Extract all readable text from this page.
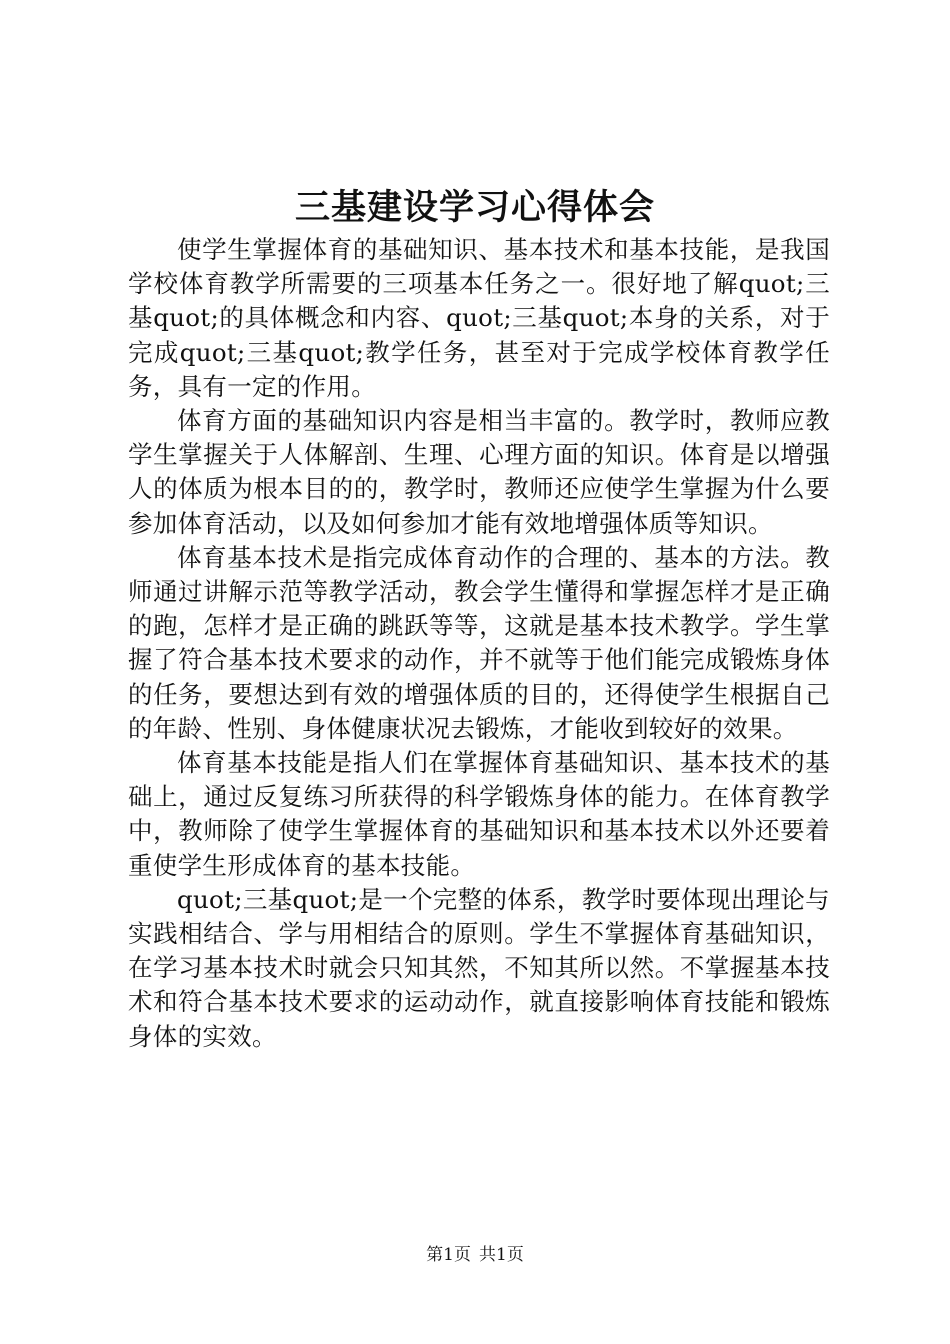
三基建设学习心得体会

使学生掌握体育的基础知识、基本技术和基本技能，是我国学校体育教学所需要的三项基本任务之一。很好地了解quot;三基quot;的具体概念和内容、quot;三基quot;本身的关系，对于完成quot;三基quot;教学任务，甚至对于完成学校体育教学任务，具有一定的作用。

体育方面的基础知识内容是相当丰富的。教学时，教师应教学生掌握关于人体解剖、生理、心理方面的知识。体育是以增强人的体质为根本目的的，教学时，教师还应使学生掌握为什么要参加体育活动，以及如何参加才能有效地增强体质等知识。

体育基本技术是指完成体育动作的合理的、基本的方法。教师通过讲解示范等教学活动，教会学生懂得和掌握怎样才是正确的跑，怎样才是正确的跳跃等等，这就是基本技术教学。学生掌握了符合基本技术要求的动作，并不就等于他们能完成锻炼身体的任务，要想达到有效的增强体质的目的，还得使学生根据自己的年龄、性别、身体健康状况去锻炼，才能收到较好的效果。

体育基本技能是指人们在掌握体育基础知识、基本技术的基础上，通过反复练习所获得的科学锻炼身体的能力。在体育教学中，教师除了使学生掌握体育的基础知识和基本技术以外还要着重使学生形成体育的基本技能。

quot;三基quot;是一个完整的体系，教学时要体现出理论与实践相结合、学与用相结合的原则。学生不掌握体育基础知识，在学习基本技术时就会只知其然，不知其所以然。不掌握基本技术和符合基本技术要求的运动动作，就直接影响体育技能和锻炼身体的实效。

第1页 共1页
